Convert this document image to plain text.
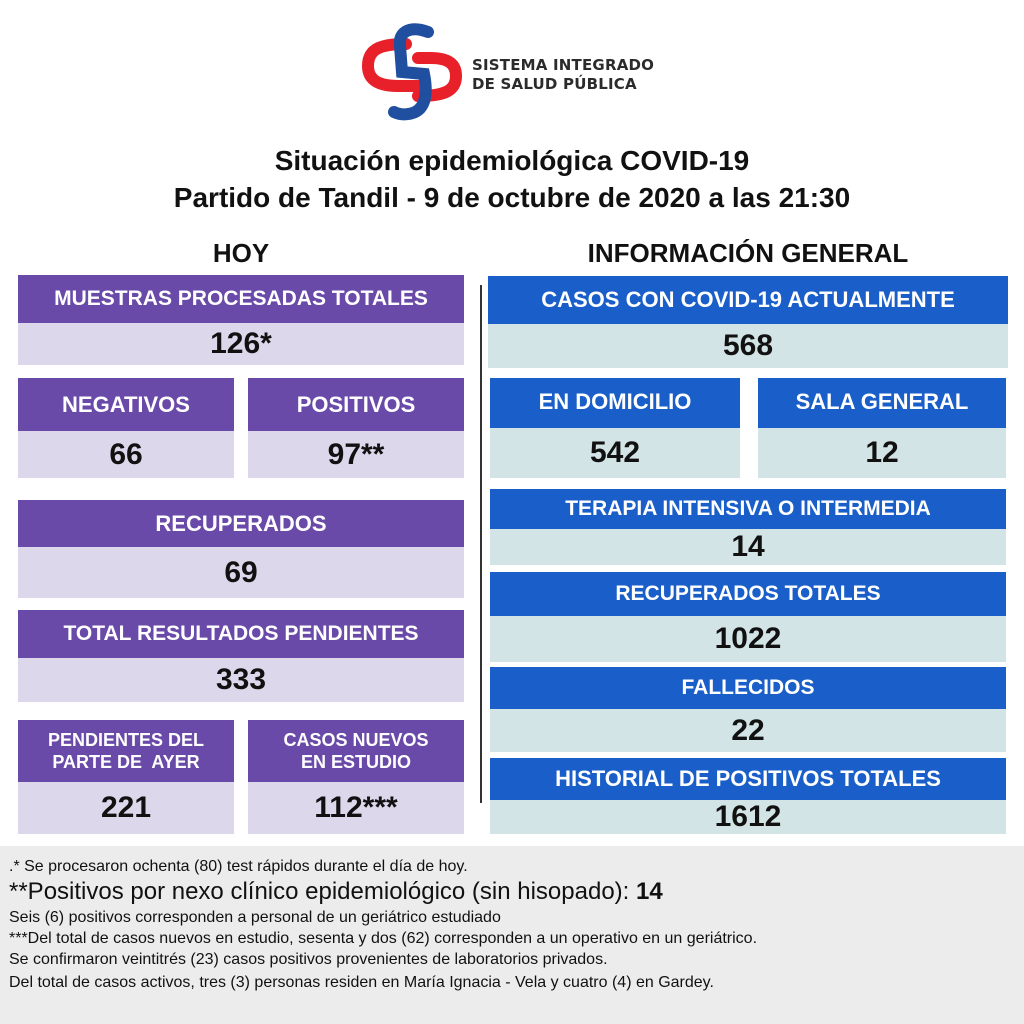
SISTEMA INTEGRADO
DE SALUD PÚBLICA
Situación epidemiológica COVID-19
Partido de Tandil - 9 de octubre de 2020 a las 21:30
HOY	INFORMACIÓN GENERAL
MUESTRAS PROCESADAS TOTALES
126*
NEGATIVOS
66
POSITIVOS
97**
RECUPERADOS
69
TOTAL RESULTADOS PENDIENTES
333
PENDIENTES DEL
PARTE DE  AYER
221
CASOS NUEVOS
EN ESTUDIO
112***
CASOS CON COVID-19 ACTUALMENTE
568
EN DOMICILIO
542
SALA GENERAL
12
TERAPIA INTENSIVA O INTERMEDIA
14
RECUPERADOS TOTALES
1022
FALLECIDOS
22
HISTORIAL DE POSITIVOS TOTALES
1612
.* Se procesaron ochenta (80) test rápidos durante el día de hoy.
**Positivos por nexo clínico epidemiológico (sin hisopado): 14
Seis (6) positivos corresponden a personal de un geriátrico estudiado
***Del total de casos nuevos en estudio, sesenta y dos (62) corresponden a un operativo en un geriátrico.
Se confirmaron veintitrés (23) casos positivos provenientes de laboratorios privados.
Del total de casos activos, tres (3) personas residen en María Ignacia - Vela y cuatro (4) en Gardey.
